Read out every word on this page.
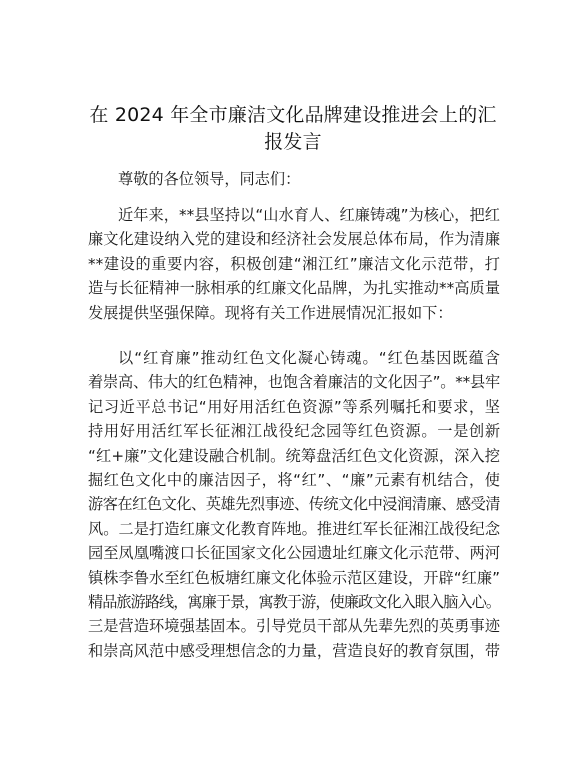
在 2024 年全市廉洁文化品牌建设推进会上的汇
报发言

尊敬的各位领导，同志们：

近年来，**县坚持以“山水育人、红廉铸魂”为核心，把红
廉文化建设纳入党的建设和经济社会发展总体布局，作为清廉
**建设的重要内容，积极创建“湘江红”廉洁文化示范带，打
造与长征精神一脉相承的红廉文化品牌，为扎实推动**高质量
发展提供坚强保障。现将有关工作进展情况汇报如下：
以“红育廉”推动红色文化凝心铸魂。“红色基因既蕴含
着崇高、伟大的红色精神，也饱含着廉洁的文化因子”。**县牢
记习近平总书记“用好用活红色资源”等系列嘱托和要求，坚
持用好用活红军长征湘江战役纪念园等红色资源。一是创新
“红+廉”文化建设融合机制。统筹盘活红色文化资源，深入挖
掘红色文化中的廉洁因子，将“红”、“廉”元素有机结合，使
游客在红色文化、英雄先烈事迹、传统文化中浸润清廉、感受清
风。二是打造红廉文化教育阵地。推进红军长征湘江战役纪念
园至凤凰嘴渡口长征国家文化公园遗址红廉文化示范带、两河
镇株李鲁水至红色板塘红廉文化体验示范区建设，开辟“红廉”
精品旅游路线，寓廉于景，寓教于游，使廉政文化入眼入脑入心。
三是营造环境强基固本。引导党员干部从先辈先烈的英勇事迹
和崇高风范中感受理想信念的力量，营造良好的教育氛围，带
